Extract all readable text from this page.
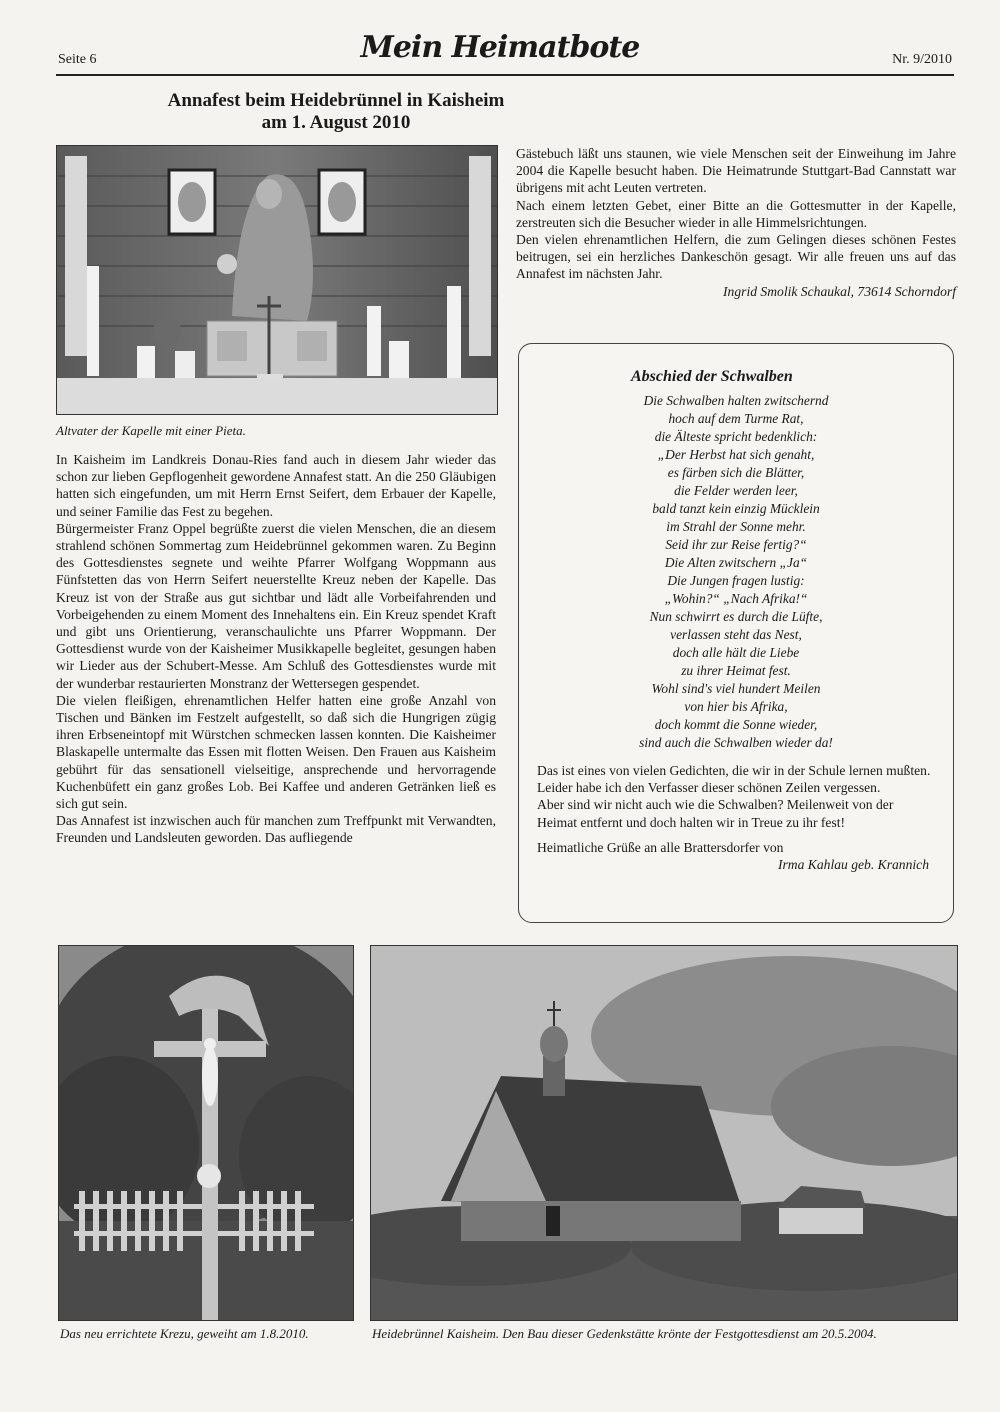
Seite 6	Mein Heimatbote	Nr. 9/2010
Annafest beim Heidebrünnel in Kaisheim
am 1. August 2010
Altvater der Kapelle mit einer Pieta.

In Kaisheim im Landkreis Donau-Ries fand auch in diesem Jahr wieder das schon zur lieben Gepflogenheit gewordene Annafest statt. An die 250 Gläubigen hatten sich eingefunden, um mit Herrn Ernst Seifert, dem Erbauer der Kapelle, und seiner Familie das Fest zu begehen.

Bürgermeister Franz Oppel begrüßte zuerst die vielen Menschen, die an diesem strahlend schönen Sommertag zum Heidebrünnel gekommen waren. Zu Beginn des Gottesdienstes segnete und weihte Pfarrer Wolfgang Woppmann aus Fünfstetten das von Herrn Seifert neuerstellte Kreuz neben der Kapelle. Das Kreuz ist von der Straße aus gut sichtbar und lädt alle Vorbeifahrenden und Vorbeigehenden zu einem Moment des Innehaltens ein. Ein Kreuz spendet Kraft und gibt uns Orientierung, veranschaulichte uns Pfarrer Woppmann. Der Gottesdienst wurde von der Kaisheimer Musikkapelle begleitet, gesungen haben wir Lieder aus der Schubert-Messe. Am Schluß des Gottesdienstes wurde mit der wunderbar restaurierten Monstranz der Wettersegen gespendet.

Die vielen fleißigen, ehrenamtlichen Helfer hatten eine große Anzahl von Tischen und Bänken im Festzelt aufgestellt, so daß sich die Hungrigen zügig ihren Erbseneintopf mit Würstchen schmecken lassen konnten. Die Kaisheimer Blaskapelle untermalte das Essen mit flotten Weisen. Den Frauen aus Kaisheim gebührt für das sensationell vielseitige, ansprechende und hervorragende Kuchenbüfett ein ganz großes Lob. Bei Kaffee und anderen Getränken ließ es sich gut sein.

Das Annafest ist inzwischen auch für manchen zum Treffpunkt mit Verwandten, Freunden und Landsleuten geworden. Das aufliegende

Gästebuch läßt uns staunen, wie viele Menschen seit der Einweihung im Jahre 2004 die Kapelle besucht haben. Die Heimatrunde Stuttgart-Bad Cannstatt war übrigens mit acht Leuten vertreten.

Nach einem letzten Gebet, einer Bitte an die Gottesmutter in der Kapelle, zerstreuten sich die Besucher wieder in alle Himmelsrichtungen.

Den vielen ehrenamtlichen Helfern, die zum Gelingen dieses schönen Festes beitrugen, sei ein herzliches Dankeschön gesagt. Wir alle freuen uns auf das Annafest im nächsten Jahr.

Ingrid Smolik Schaukal, 73614 Schorndorf
Abschied der Schwalben
Die Schwalben halten zwitschernd
hoch auf dem Turme Rat,
die Älteste spricht bedenklich:
„Der Herbst hat sich genaht,
es färben sich die Blätter,
die Felder werden leer,
bald tanzt kein einzig Mücklein
im Strahl der Sonne mehr.
Seid ihr zur Reise fertig?“
Die Alten zwitschern „Ja“
Die Jungen fragen lustig:
„Wohin?“ „Nach Afrika!“
Nun schwirrt es durch die Lüfte,
verlassen steht das Nest,
doch alle hält die Liebe
zu ihrer Heimat fest.
Wohl sind's viel hundert Meilen
von hier bis Afrika,
doch kommt die Sonne wieder,
sind auch die Schwalben wieder da!

Das ist eines von vielen Gedichten, die wir in der Schule lernen mußten. Leider habe ich den Verfasser dieser schönen Zeilen vergessen.

Aber sind wir nicht auch wie die Schwalben? Meilenweit von der Heimat entfernt und doch halten wir in Treue zu ihr fest!

Heimatliche Grüße an alle Brattersdorfer von
Irma Kahlau geb. Krannich
Das neu errichtete Krezu, geweiht am 1.8.2010.	Heidebrünnel Kaisheim. Den Bau dieser Gedenkstätte krönte der Festgottesdienst am 20.5.2004.
